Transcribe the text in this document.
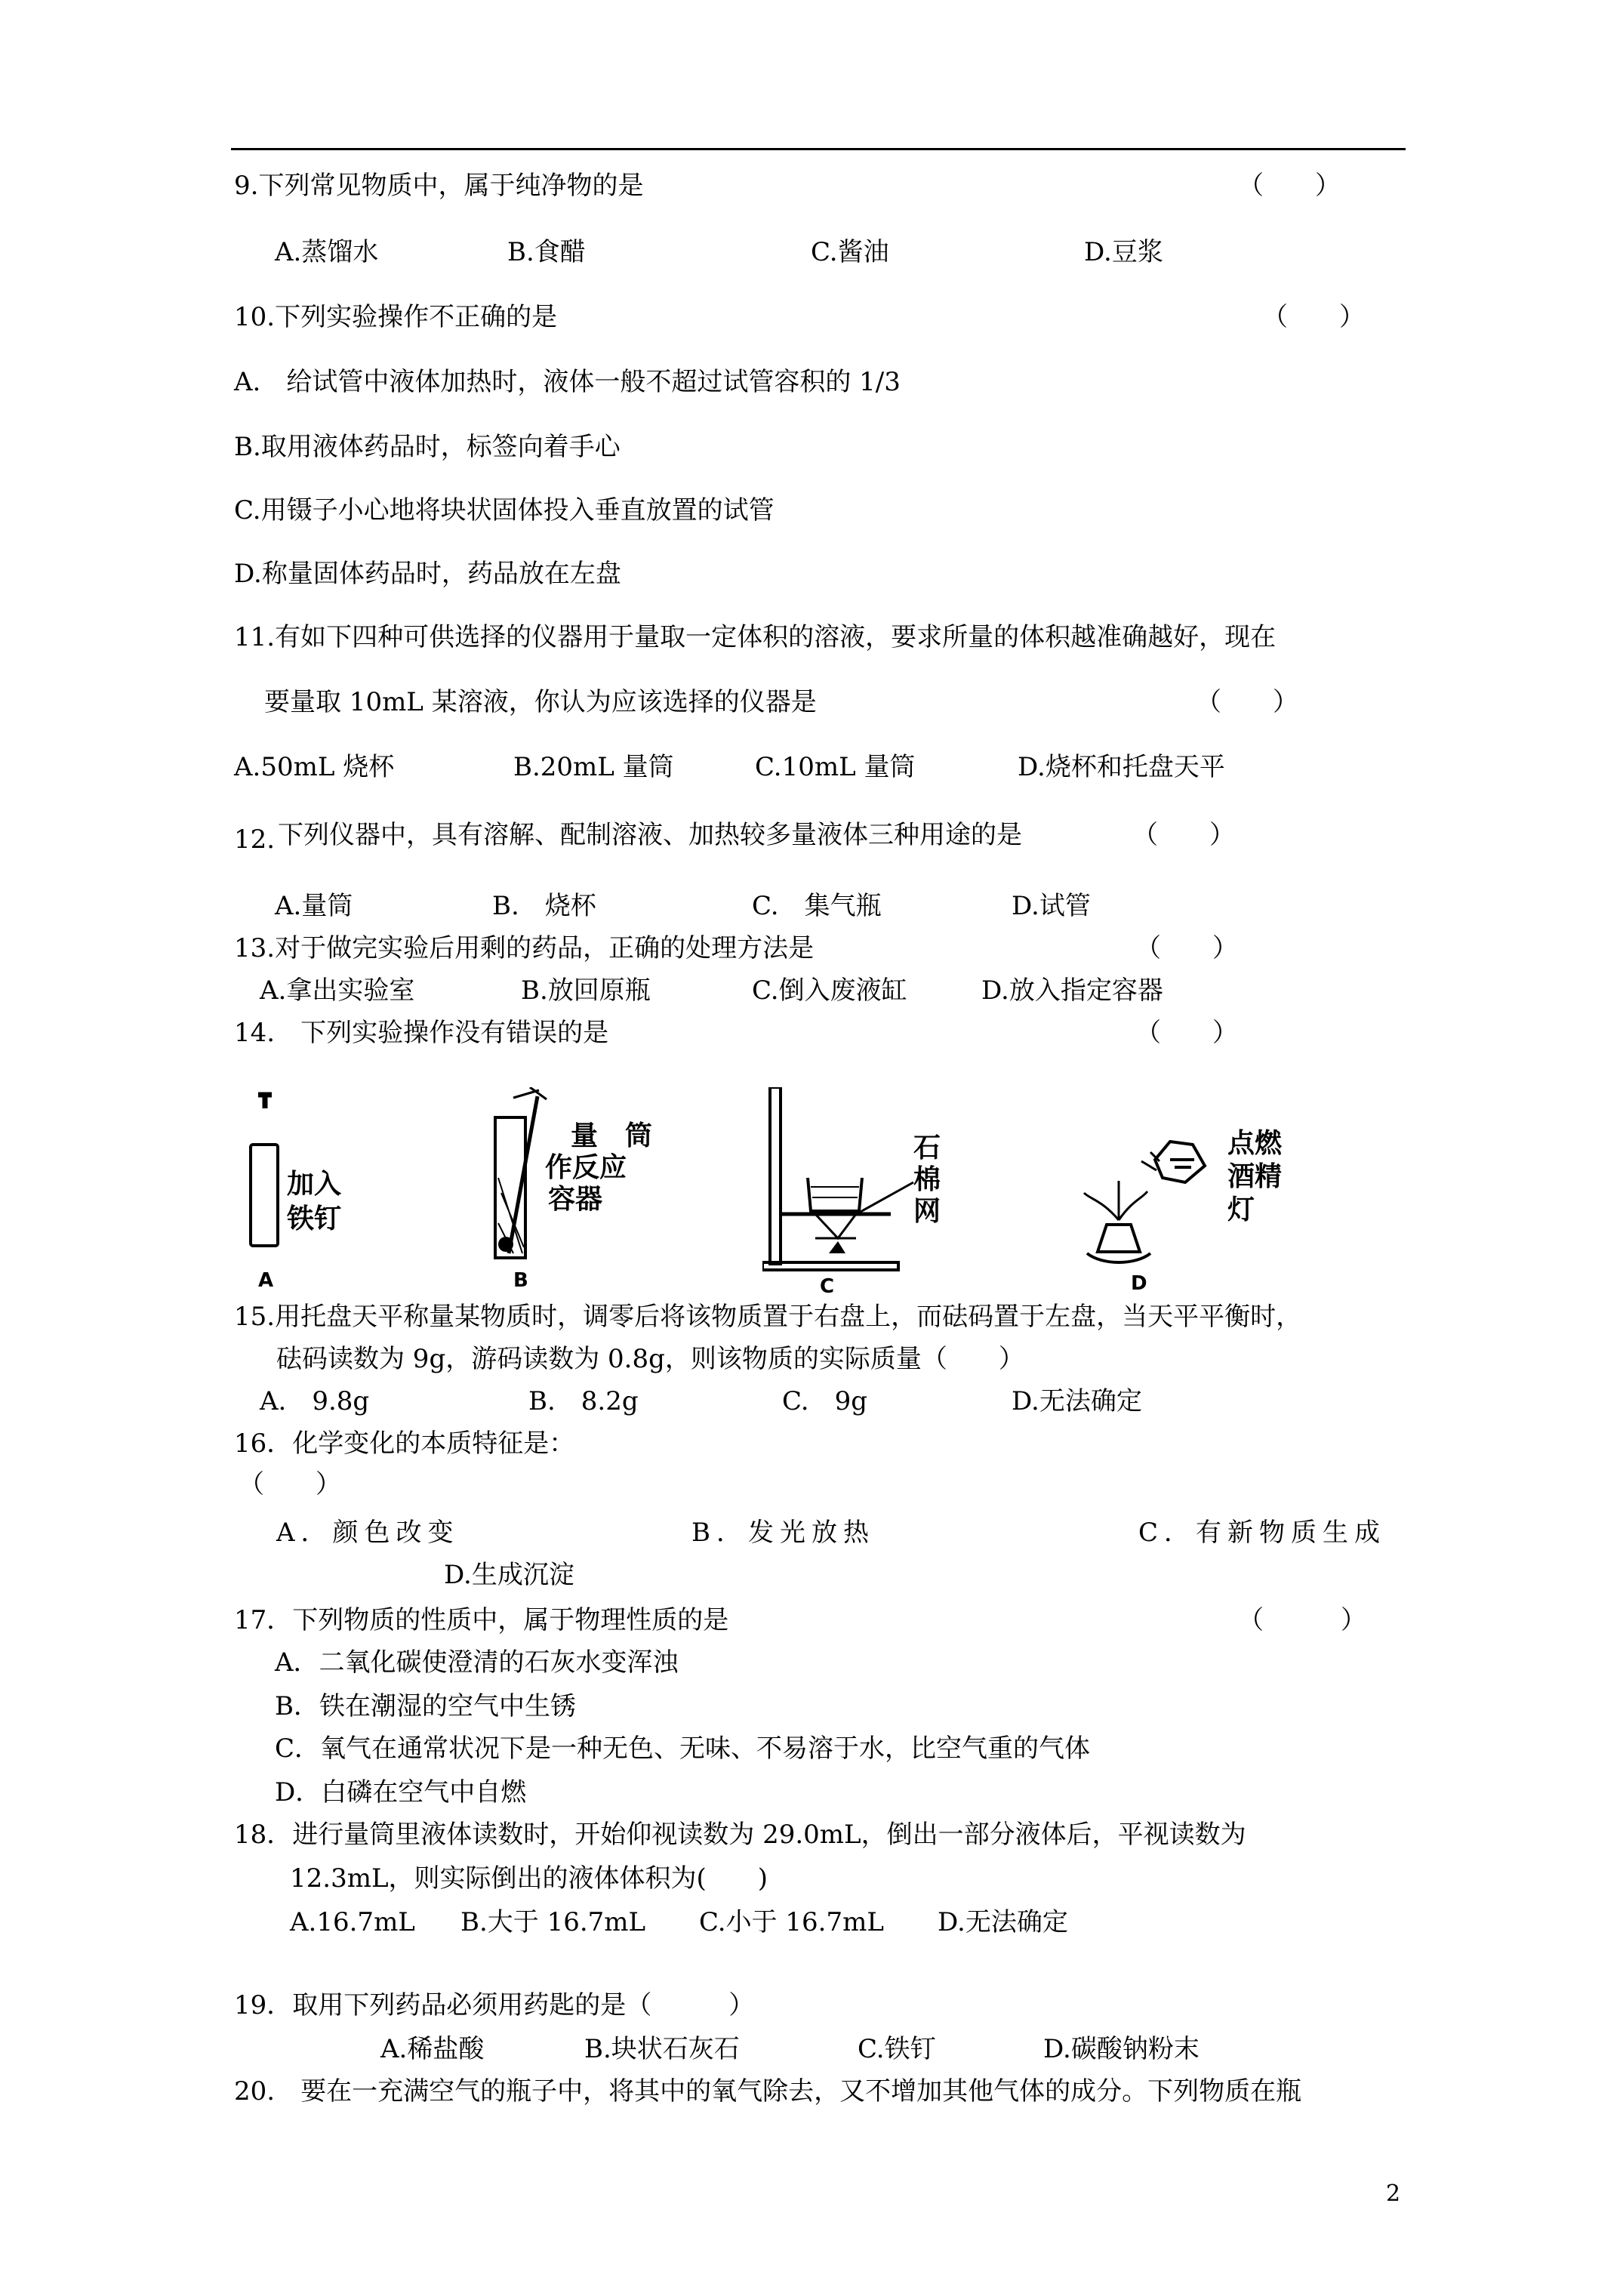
9.下列常见物质中，属于纯净物的是	（　　）
A.蒸馏水	B.食醋	C.酱油	D.豆浆
10.下列实验操作不正确的是	（　　）
A.　给试管中液体加热时，液体一般不超过试管容积的 1/3
B.取用液体药品时，标签向着手心
C.用镊子小心地将块状固体投入垂直放置的试管
D.称量固体药品时，药品放在左盘
11.有如下四种可供选择的仪器用于量取一定体积的溶液，要求所量的体积越准确越好，现在
要量取 10mL 某溶液，你认为应该选择的仪器是	（　　）
A.50mL 烧杯	B.20mL 量筒	C.10mL 量筒	D.烧杯和托盘天平
12. 下列仪器中，具有溶解、配制溶液、加热较多量液体三种用途的是	（　　）
A.量筒	B.　烧杯	C.　集气瓶	D.试管
13.对于做完实验后用剩的药品，正确的处理方法是	（　　）
A.拿出实验室	B.放回原瓶	C.倒入废液缸	D.放入指定容器
14.　下列实验操作没有错误的是	（　　）
加入
铁钉
A
量　筒
作反应
容器
B
石
棉
网
C
点燃
酒精
灯
D
15.用托盘天平称量某物质时，调零后将该物质置于右盘上，而砝码置于左盘，当天平平衡时，
砝码读数为 9g，游码读数为 0.8g，则该物质的实际质量（　　）
A.　9.8g	B.　8.2g	C.　9g	D.无法确定
16．化学变化的本质特征是：
（　　）
A．颜色改变	B．发光放热	C．有新物质生成
D.生成沉淀
17．下列物质的性质中，属于物理性质的是	（　　　）
A．二氧化碳使澄清的石灰水变浑浊
B．铁在潮湿的空气中生锈
C．氧气在通常状况下是一种无色、无味、不易溶于水，比空气重的气体
D．白磷在空气中自燃
18．进行量筒里液体读数时，开始仰视读数为 29.0mL，倒出一部分液体后，平视读数为
12.3mL，则实际倒出的液体体积为(　　)
A.16.7mL B.大于 16.7mL C.小于 16.7mL D.无法确定
19．取用下列药品必须用药匙的是（　　　）
A.稀盐酸	B.块状石灰石	C.铁钉	D.碳酸钠粉末
20.　要在一充满空气的瓶子中，将其中的氧气除去，又不增加其他气体的成分。下列物质在瓶
2
